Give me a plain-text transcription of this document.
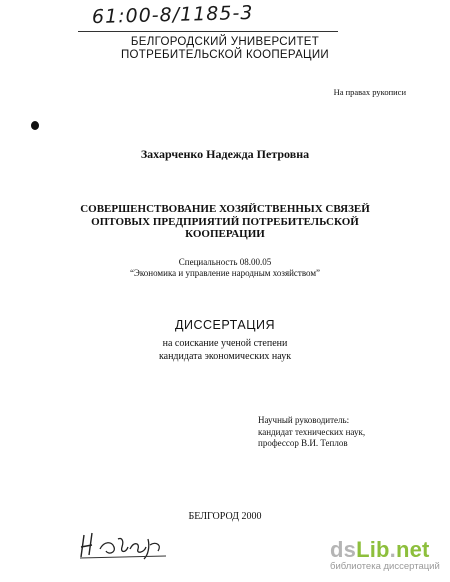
61:00-8/1185-3
БЕЛГОРОДСКИЙ УНИВЕРСИТЕТ
ПОТРЕБИТЕЛЬСКОЙ КООПЕРАЦИИ
На правах рукописи
Захарченко Надежда Петровна
СОВЕРШЕНСТВОВАНИЕ ХОЗЯЙСТВЕННЫХ СВЯЗЕЙ
ОПТОВЫХ ПРЕДПРИЯТИЙ ПОТРЕБИТЕЛЬСКОЙ
КООПЕРАЦИИ
Специальность 08.00.05
“Экономика и управление народным хозяйством”
ДИССЕРТАЦИЯ
на соискание ученой степени
кандидата экономических наук
Научный руководитель:
кандидат технических наук,
профессор В.И. Теплов
БЕЛГОРОД 2000
dsLib.net
библиотека диссертаций
